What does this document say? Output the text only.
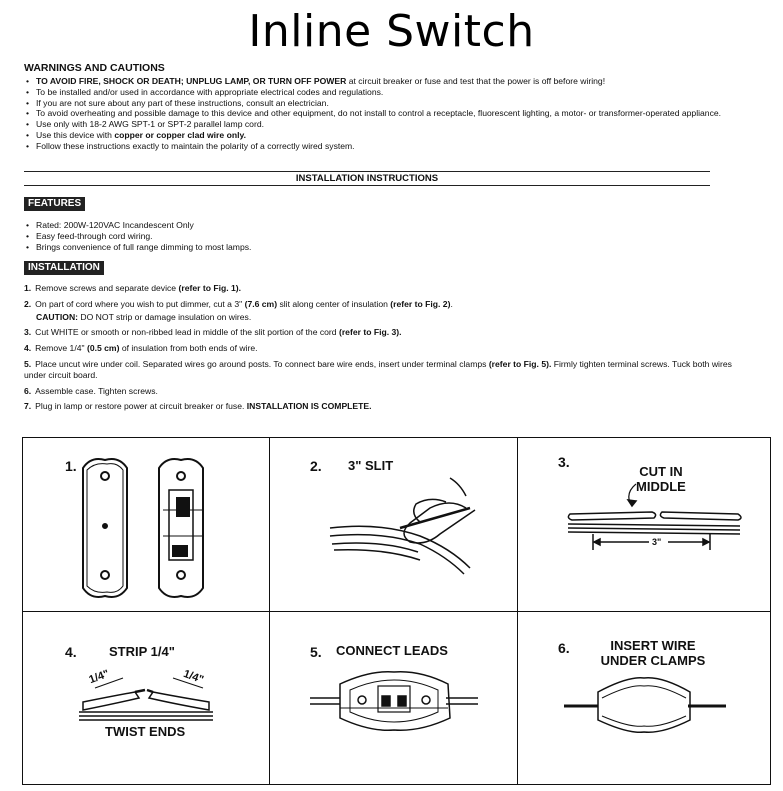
Inline Switch
WARNINGS AND CAUTIONS
• TO AVOID FIRE, SHOCK OR DEATH; UNPLUG LAMP, OR TURN OFF POWER at circuit breaker or fuse and test that the power is off before wiring!
• To be installed and/or used in accordance with appropriate electrical codes and regulations.
• If you are not sure about any part of these instructions, consult an electrician.
• To avoid overheating and possible damage to this device and other equipment, do not install to control a receptacle, fluorescent lighting, a motor- or transformer-operated appliance.
• Use only with 18-2 AWG SPT-1 or SPT-2 parallel lamp cord.
• Use this device with copper or copper clad wire only.
• Follow these instructions exactly to maintain the polarity of a correctly wired system.
INSTALLATION INSTRUCTIONS
FEATURES
• Rated: 200W-120VAC Incandescent Only
• Easy feed-through cord wiring.
• Brings convenience of full range dimming to most lamps.
INSTALLATION
1. Remove screws and separate device (refer to Fig. 1).
2. On part of cord where you wish to put dimmer, cut a 3" (7.6 cm) slit along center of insulation (refer to Fig. 2).
CAUTION: DO NOT strip or damage insulation on wires.
3. Cut WHITE or smooth or non-ribbed lead in middle of the slit portion of the cord (refer to Fig. 3).
4. Remove 1/4" (0.5 cm) of insulation from both ends of wire.
5. Place uncut wire under coil. Separated wires go around posts. To connect bare wire ends, insert under terminal clamps (refer to Fig. 5). Firmly tighten terminal screws. Tuck both wires under circuit board.
6. Assemble case. Tighten screws.
7. Plug in lamp or restore power at circuit breaker or fuse. INSTALLATION IS COMPLETE.
1.	2. 3" SLIT	3.
CUT IN
MIDDLE
3"
4. STRIP 1/4"
1/4"	1/4"
TWIST ENDS
5. CONNECT LEADS	6.	INSERT WIRE
UNDER CLAMPS
